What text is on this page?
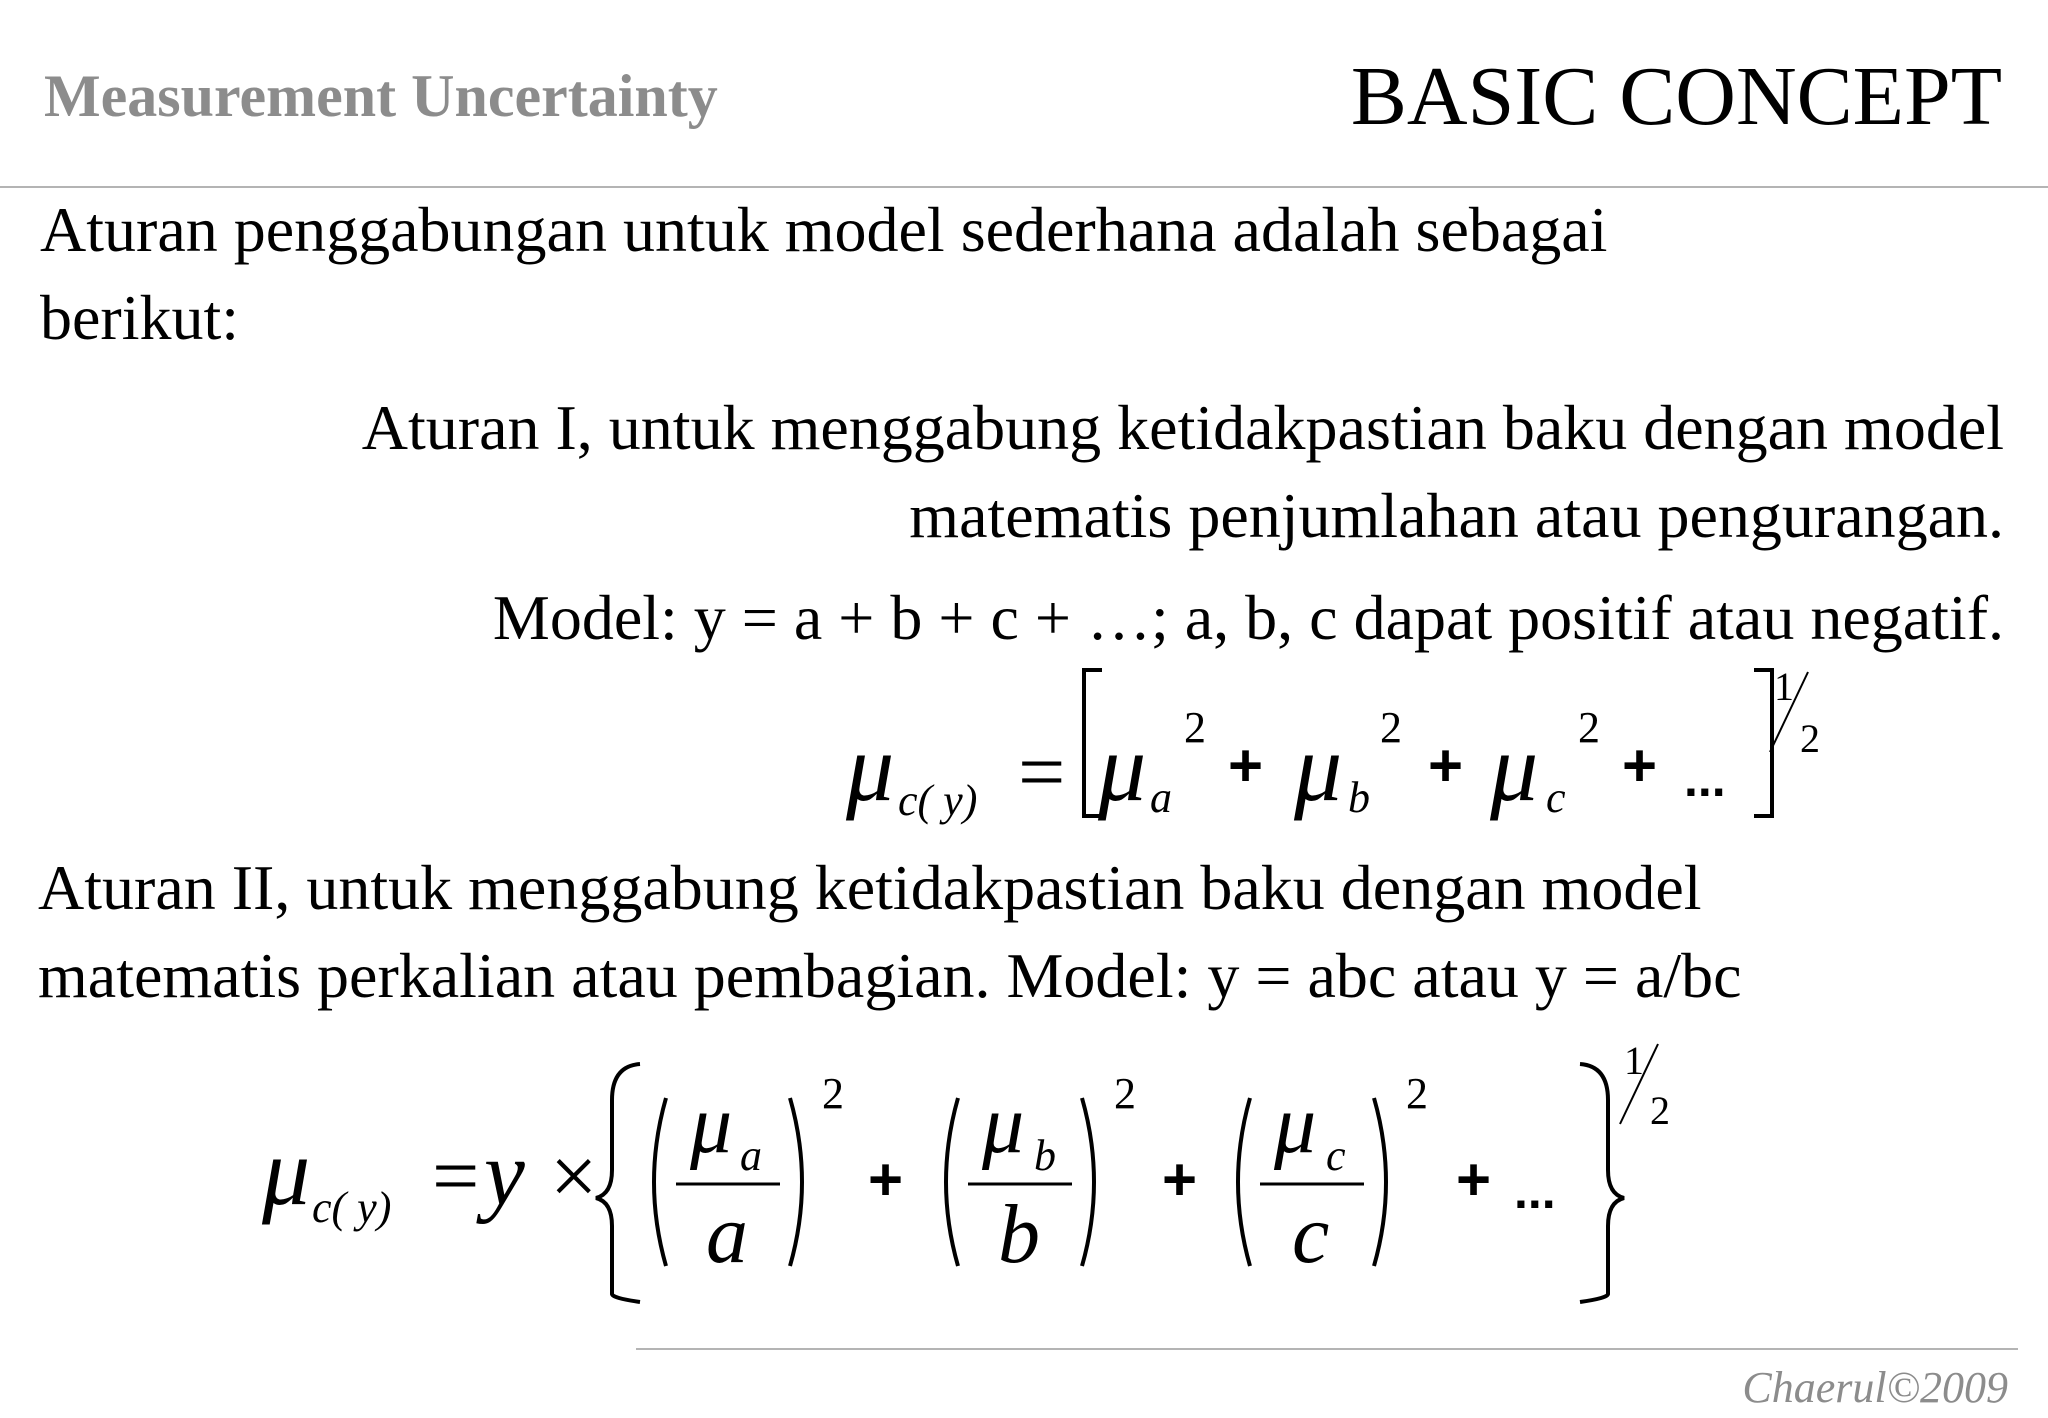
Measurement Uncertainty	BASIC CONCEPT
Aturan penggabungan untuk model sederhana adalah sebagai
berikut:
Aturan I, untuk menggabung ketidakpastian baku dengan model
matematis penjumlahan atau pengurangan.
Model: y = a + b + c + …; a, b, c dapat positif atau negatif.
μ c( y) = μ a
2
+ μ b
2
+ μ c
2
+ ...
1
2
Aturan II, untuk menggabung ketidakpastian baku dengan model
matematis perkalian atau pembagian. Model: y = abc atau y = a/bc
μ c( y) = y ×
μ a
a
2
+
μ b
b
2
+
μ c
c
2
+ ...
1
2
Chaerul©2009
